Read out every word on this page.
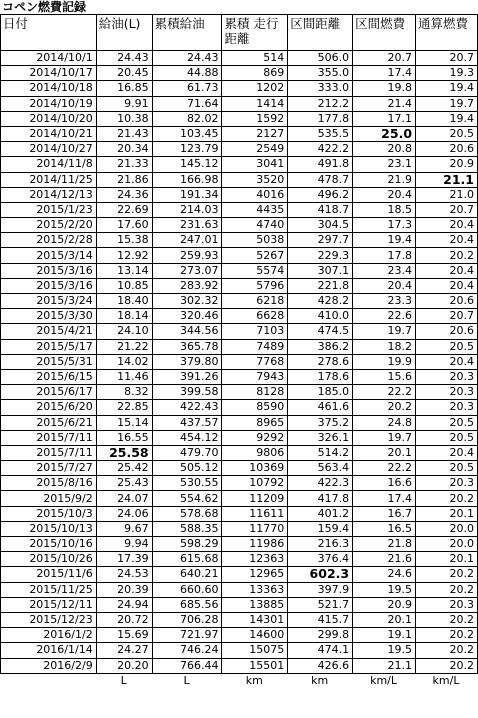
コペン燃費記録
日付	給油(L)	累積給油	累積 走行距離	区間距離	区間燃費	通算燃費
2014/10/1	24.43	24.43	514	506.0	20.7	20.7
2014/10/17	20.45	44.88	869	355.0	17.4	19.3
2014/10/18	16.85	61.73	1202	333.0	19.8	19.4
2014/10/19	9.91	71.64	1414	212.2	21.4	19.7
2014/10/20	10.38	82.02	1592	177.8	17.1	19.4
2014/10/21	21.43	103.45	2127	535.5	25.0	20.5
2014/10/27	20.34	123.79	2549	422.2	20.8	20.6
2014/11/8	21.33	145.12	3041	491.8	23.1	20.9
2014/11/25	21.86	166.98	3520	478.7	21.9	21.1
2014/12/13	24.36	191.34	4016	496.2	20.4	21.0
2015/1/23	22.69	214.03	4435	418.7	18.5	20.7
2015/2/20	17.60	231.63	4740	304.5	17.3	20.4
2015/2/28	15.38	247.01	5038	297.7	19.4	20.4
2015/3/14	12.92	259.93	5267	229.3	17.8	20.2
2015/3/16	13.14	273.07	5574	307.1	23.4	20.4
2015/3/16	10.85	283.92	5796	221.8	20.4	20.4
2015/3/24	18.40	302.32	6218	428.2	23.3	20.6
2015/3/30	18.14	320.46	6628	410.0	22.6	20.7
2015/4/21	24.10	344.56	7103	474.5	19.7	20.6
2015/5/17	21.22	365.78	7489	386.2	18.2	20.5
2015/5/31	14.02	379.80	7768	278.6	19.9	20.4
2015/6/15	11.46	391.26	7943	178.6	15.6	20.3
2015/6/17	8.32	399.58	8128	185.0	22.2	20.3
2015/6/20	22.85	422.43	8590	461.6	20.2	20.3
2015/6/21	15.14	437.57	8965	375.2	24.8	20.5
2015/7/11	16.55	454.12	9292	326.1	19.7	20.5
2015/7/11	25.58	479.70	9806	514.2	20.1	20.4
2015/7/27	25.42	505.12	10369	563.4	22.2	20.5
2015/8/16	25.43	530.55	10792	422.3	16.6	20.3
2015/9/2	24.07	554.62	11209	417.8	17.4	20.2
2015/10/3	24.06	578.68	11611	401.2	16.7	20.1
2015/10/13	9.67	588.35	11770	159.4	16.5	20.0
2015/10/16	9.94	598.29	11986	216.3	21.8	20.0
2015/10/26	17.39	615.68	12363	376.4	21.6	20.1
2015/11/6	24.53	640.21	12965	602.3	24.6	20.2
2015/11/25	20.39	660.60	13363	397.9	19.5	20.2
2015/12/11	24.94	685.56	13885	521.7	20.9	20.3
2015/12/23	20.72	706.28	14301	415.7	20.1	20.2
2016/1/2	15.69	721.97	14600	299.8	19.1	20.2
2016/1/14	24.27	746.24	15075	474.1	19.5	20.2
2016/2/9	20.20	766.44	15501	426.6	21.1	20.2
	L	L	km	km	km/L	km/L
